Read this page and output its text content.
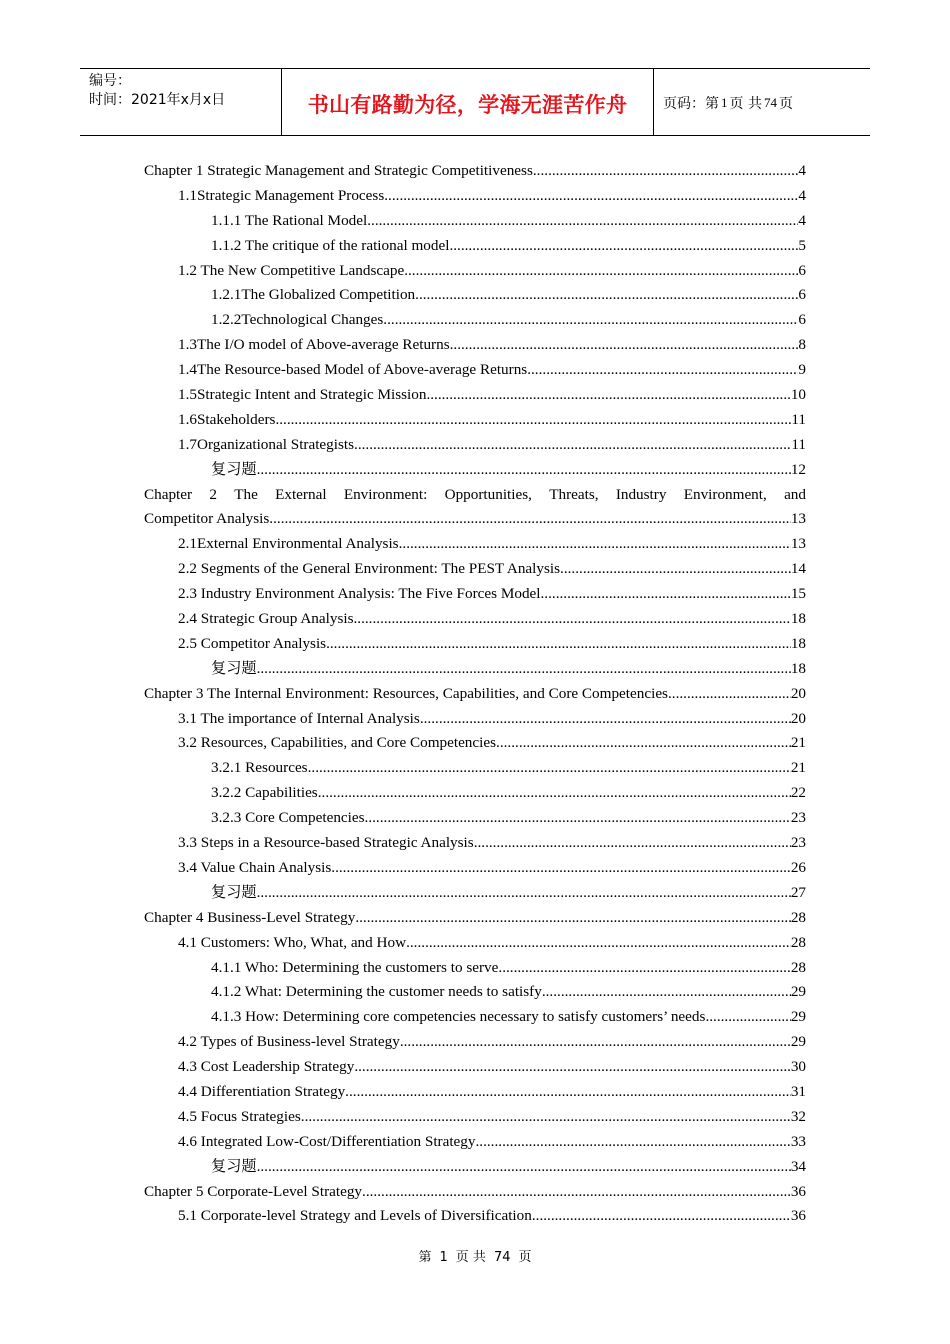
编号：
时间：2021年x月x日	书山有路勤为径，学海无涯苦作舟	页码：第 1 页 共 74 页
Chapter 1 Strategic Management and Strategic Competitiveness .....	4
1.1Strategic Management Process .....	4
1.1.1 The Rational Model .....	4
1.1.2 The critique of the rational model .....	5
1.2 The New Competitive Landscape .....	6
1.2.1The Globalized Competition .....	6
1.2.2Technological Changes .....	6
1.3The I/O model of Above-average Returns .....	8
1.4The Resource-based Model of Above-average Returns .....	9
1.5Strategic Intent and Strategic Mission .....	10
1.6Stakeholders .....	11
1.7Organizational Strategists .....	11
复习题 .....	12
Chapter 2 The External Environment: Opportunities, Threats, Industry Environment, and
Competitor Analysis .....	13
2.1External Environmental Analysis .....	13
2.2 Segments of the General Environment: The PEST Analysis .....	14
2.3 Industry Environment Analysis: The Five Forces Model .....	15
2.4 Strategic Group Analysis .....	18
2.5 Competitor Analysis .....	18
复习题 .....	18
Chapter 3 The Internal Environment: Resources, Capabilities, and Core Competencies .....	20
3.1 The importance of Internal Analysis .....	20
3.2 Resources, Capabilities, and Core Competencies .....	21
3.2.1 Resources .....	21
3.2.2 Capabilities .....	22
3.2.3 Core Competencies .....	23
3.3 Steps in a Resource-based Strategic Analysis .....	23
3.4 Value Chain Analysis .....	26
复习题 .....	27
Chapter 4 Business-Level Strategy .....	28
4.1 Customers: Who, What, and How .....	28
4.1.1 Who: Determining the customers to serve .....	28
4.1.2 What: Determining the customer needs to satisfy .....	29
4.1.3 How: Determining core competencies necessary to satisfy customers’ needs .....	29
4.2 Types of Business-level Strategy .....	29
4.3 Cost Leadership Strategy .....	30
4.4 Differentiation Strategy .....	31
4.5 Focus Strategies .....	32
4.6 Integrated Low-Cost/Differentiation Strategy .....	33
复习题 .....	34
Chapter 5 Corporate-Level Strategy .....	36
5.1 Corporate-level Strategy and Levels of Diversification .....	36
第 1 页 共 74 页
